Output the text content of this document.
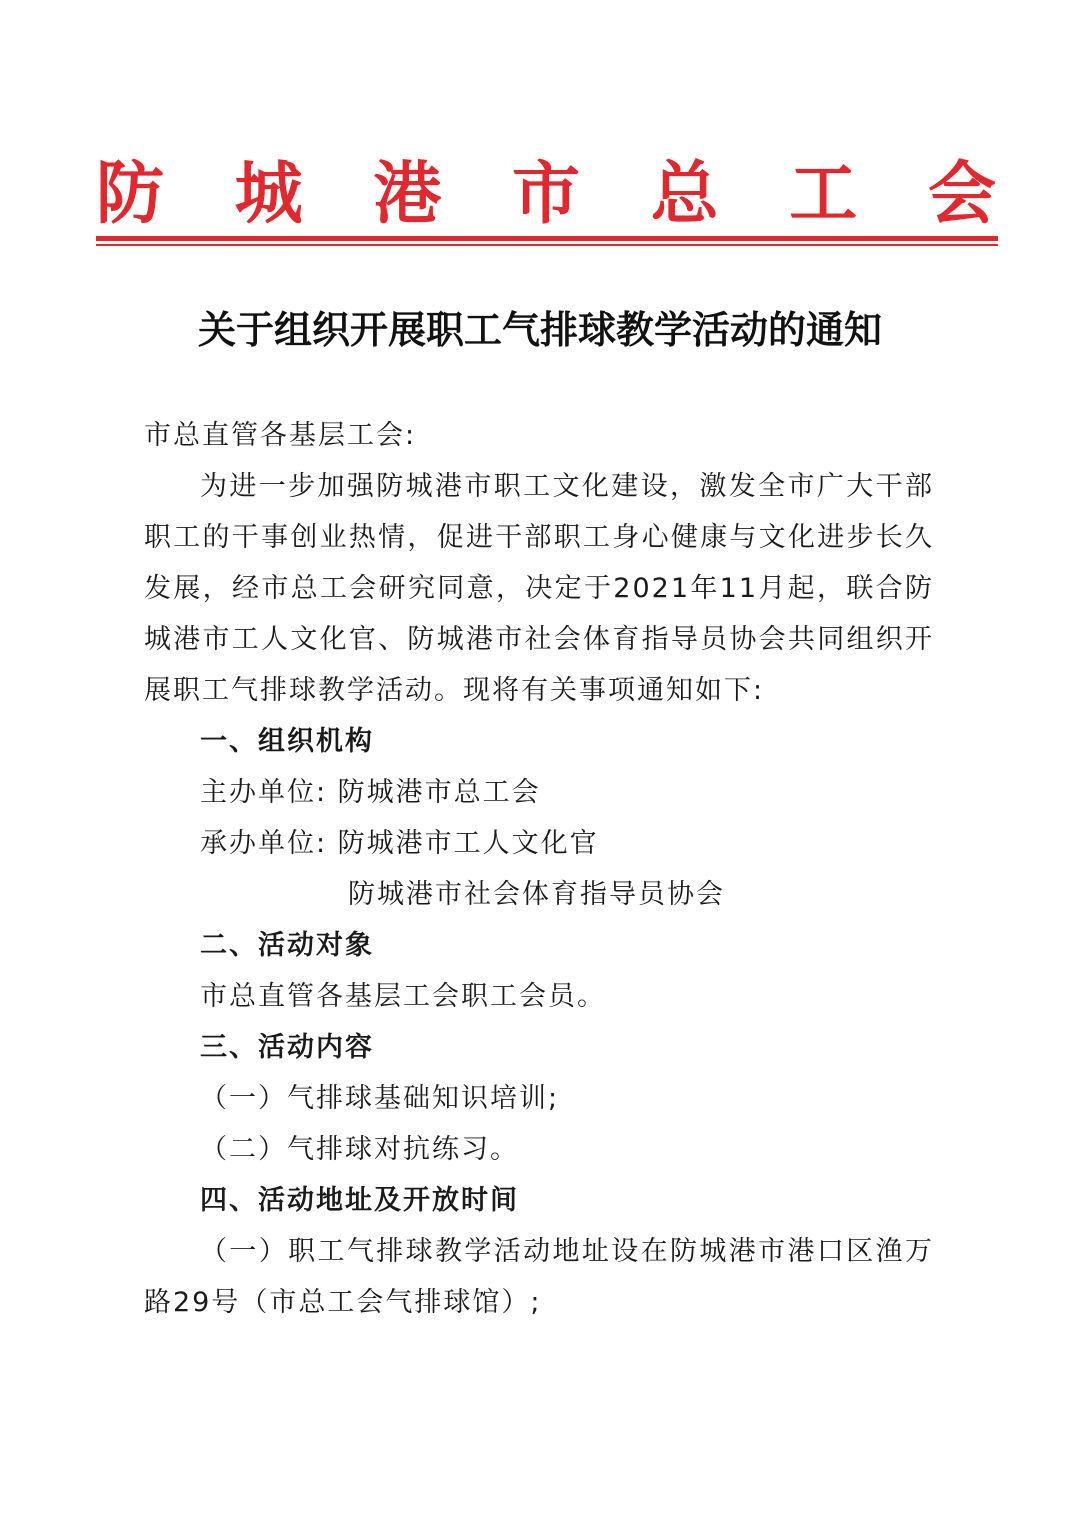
防 城 港 市 总 工 会
关于组织开展职工气排球教学活动的通知

市总直管各基层工会:

为进一步加强防城港市职工文化建设，激发全市广大干部职工的干事创业热情，促进干部职工身心健康与文化进步长久发展，经市总工会研究同意，决定于2021年11月起，联合防城港市工人文化官、防城港市社会体育指导员协会共同组织开展职工气排球教学活动。现将有关事项通知如下:

一、组织机构

主办单位: 防城港市总工会

承办单位: 防城港市工人文化官

防城港市社会体育指导员协会

二、活动对象

市总直管各基层工会职工会员。

三、活动内容

（一）气排球基础知识培训;

（二）气排球对抗练习。

四、活动地址及开放时间

（一）职工气排球教学活动地址设在防城港市港口区渔万路29号（市总工会气排球馆）;
